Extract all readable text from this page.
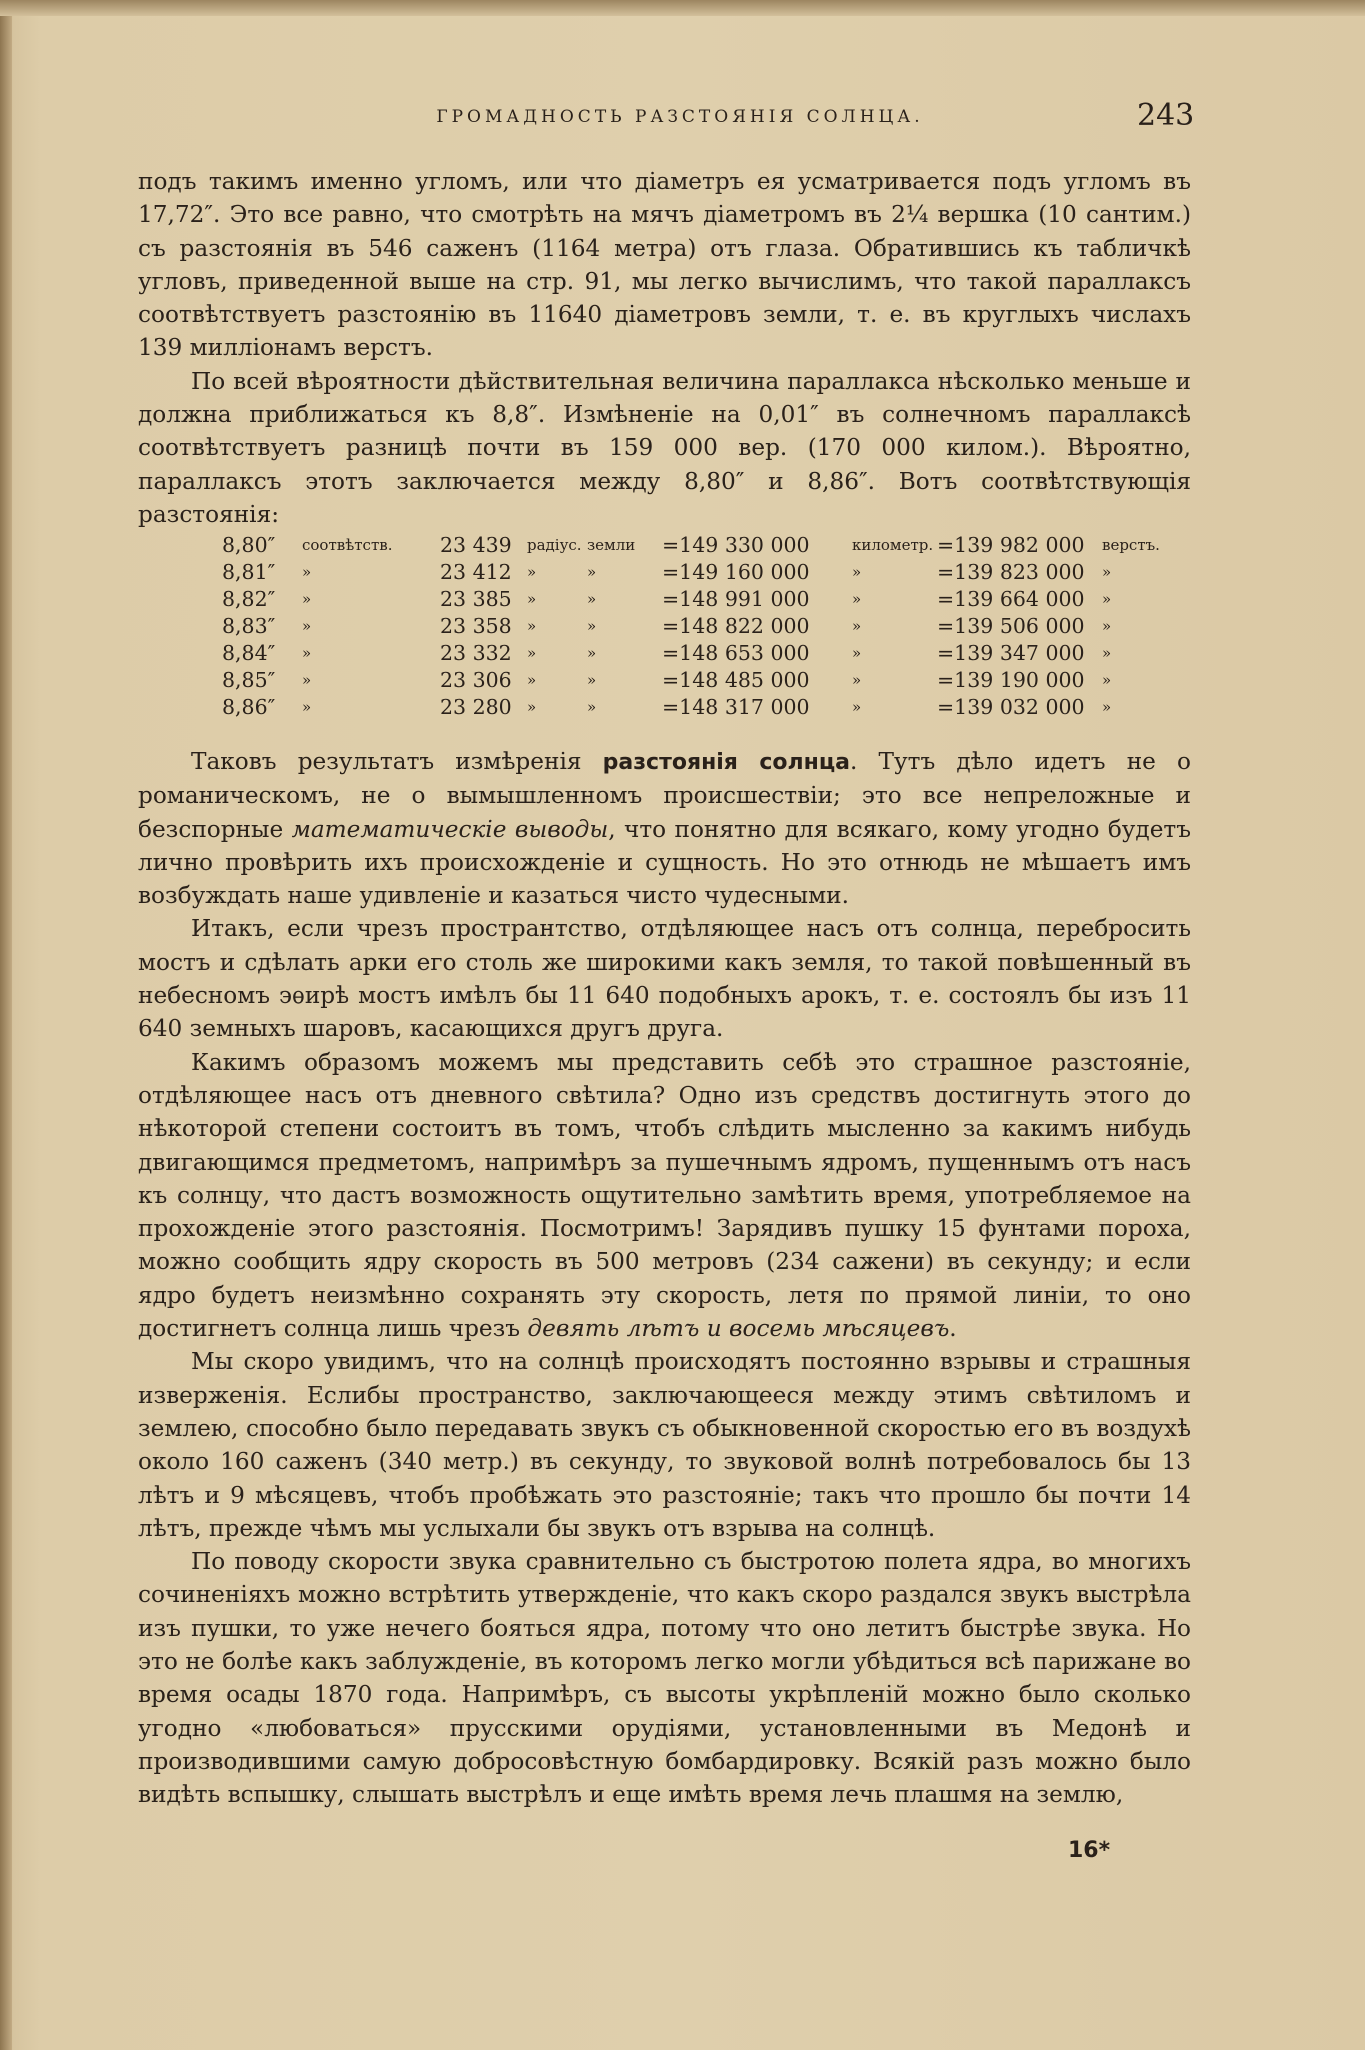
ГРОМАДНОСТЬ РАЗСТОЯНІЯ СОЛНЦА.	243

подъ такимъ именно угломъ, или что діаметръ ея усматривается подъ угломъ въ 17,72″. Это все равно, что смотрѣть на мячъ діаметромъ въ 2¼ вершка (10 сантим.) съ разстоянія въ 546 саженъ (1164 метра) отъ глаза. Обратившись къ табличкѣ угловъ, приведенной выше на стр. 91, мы легко вычислимъ, что такой параллаксъ соотвѣтствуетъ разстоянію въ 11640 діаметровъ земли, т. е. въ круглыхъ числахъ 139 милліонамъ верстъ.

По всей вѣроятности дѣйствительная величина параллакса нѣсколько меньше и должна приближаться къ 8,8″. Измѣненіе на 0,01″ въ солнечномъ параллаксѣ соотвѣтствуетъ разницѣ почти въ 159 000 вер. (170 000 килом.). Вѣроятно, параллаксъ этотъ заключается между 8,80″ и 8,86″. Вотъ соотвѣтствующія разстоянія:

8,80″ соотвѣтств. 23 439 радіус. земли =149 330 000	километр. =139 982 000 верстъ.
8,81″ »	23 412 »	»	=149 160 000	»	=139 823 000 »
8,82″ »	23 385 »	»	=148 991 000	»	=139 664 000 »
8,83″ »	23 358 »	»	=148 822 000	»	=139 506 000 »
8,84″ »	23 332 »	»	=148 653 000	»	=139 347 000 »
8,85″ »	23 306 »	»	=148 485 000	»	=139 190 000 »
8,86″ »	23 280 »	»	=148 317 000	»	=139 032 000 »

Таковъ результатъ измѣренія разстоянія солнца. Тутъ дѣло идетъ не о романическомъ, не о вымышленномъ происшествіи; это все непреложные и безспорные математическіе выводы, что понятно для всякаго, кому угодно будетъ лично провѣрить ихъ происхожденіе и сущность. Но это отнюдь не мѣшаетъ имъ возбуждать наше удивленіе и казаться чисто чудесными.

Итакъ, если чрезъ пространтство, отдѣляющее насъ отъ солнца, перебросить мостъ и сдѣлать арки его столь же широкими какъ земля, то такой повѣшенный въ небесномъ эѳирѣ мостъ имѣлъ бы 11 640 подобныхъ арокъ, т. е. состоялъ бы изъ 11 640 земныхъ шаровъ, касающихся другъ друга.

Какимъ образомъ можемъ мы представить себѣ это страшное разстояніе, отдѣляющее насъ отъ дневного свѣтила? Одно изъ средствъ достигнуть этого до нѣкоторой степени состоитъ въ томъ, чтобъ слѣдить мысленно за какимъ нибудь двигающимся предметомъ, напримѣръ за пушечнымъ ядромъ, пущеннымъ отъ насъ къ солнцу, что дастъ возможность ощутительно замѣтить время, употребляемое на прохожденіе этого разстоянія. Посмотримъ! Зарядивъ пушку 15 фунтами пороха, можно сообщить ядру скорость въ 500 метровъ (234 сажени) въ секунду; и если ядро будетъ неизмѣнно сохранять эту скорость, летя по прямой линіи, то оно достигнетъ солнца лишь чрезъ девять лѣтъ и восемь мѣсяцевъ.

Мы скоро увидимъ, что на солнцѣ происходятъ постоянно взрывы и страшныя изверженія. Еслибы пространство, заключающееся между этимъ свѣтиломъ и землею, способно было передавать звукъ съ обыкновенной скоростью его въ воздухѣ около 160 саженъ (340 метр.) въ секунду, то звуковой волнѣ потребовалось бы 13 лѣтъ и 9 мѣсяцевъ, чтобъ пробѣжать это разстояніе; такъ что прошло бы почти 14 лѣтъ, прежде чѣмъ мы услыхали бы звукъ отъ взрыва на солнцѣ.

По поводу скорости звука сравнительно съ быстротою полета ядра, во многихъ сочиненіяхъ можно встрѣтить утвержденіе, что какъ скоро раздался звукъ выстрѣла изъ пушки, то уже нечего бояться ядра, потому что оно летитъ быстрѣе звука. Но это не болѣе какъ заблужденіе, въ которомъ легко могли убѣдиться всѣ парижане во время осады 1870 года. Напримѣръ, съ высоты укрѣпленій можно было сколько угодно «любоваться» прусскими орудіями, установленными въ Медонѣ и производившими самую добросовѣстную бомбардировку. Всякій разъ можно было видѣть вспышку, слышать выстрѣлъ и еще имѣть время лечь плашмя на землю,

16*
